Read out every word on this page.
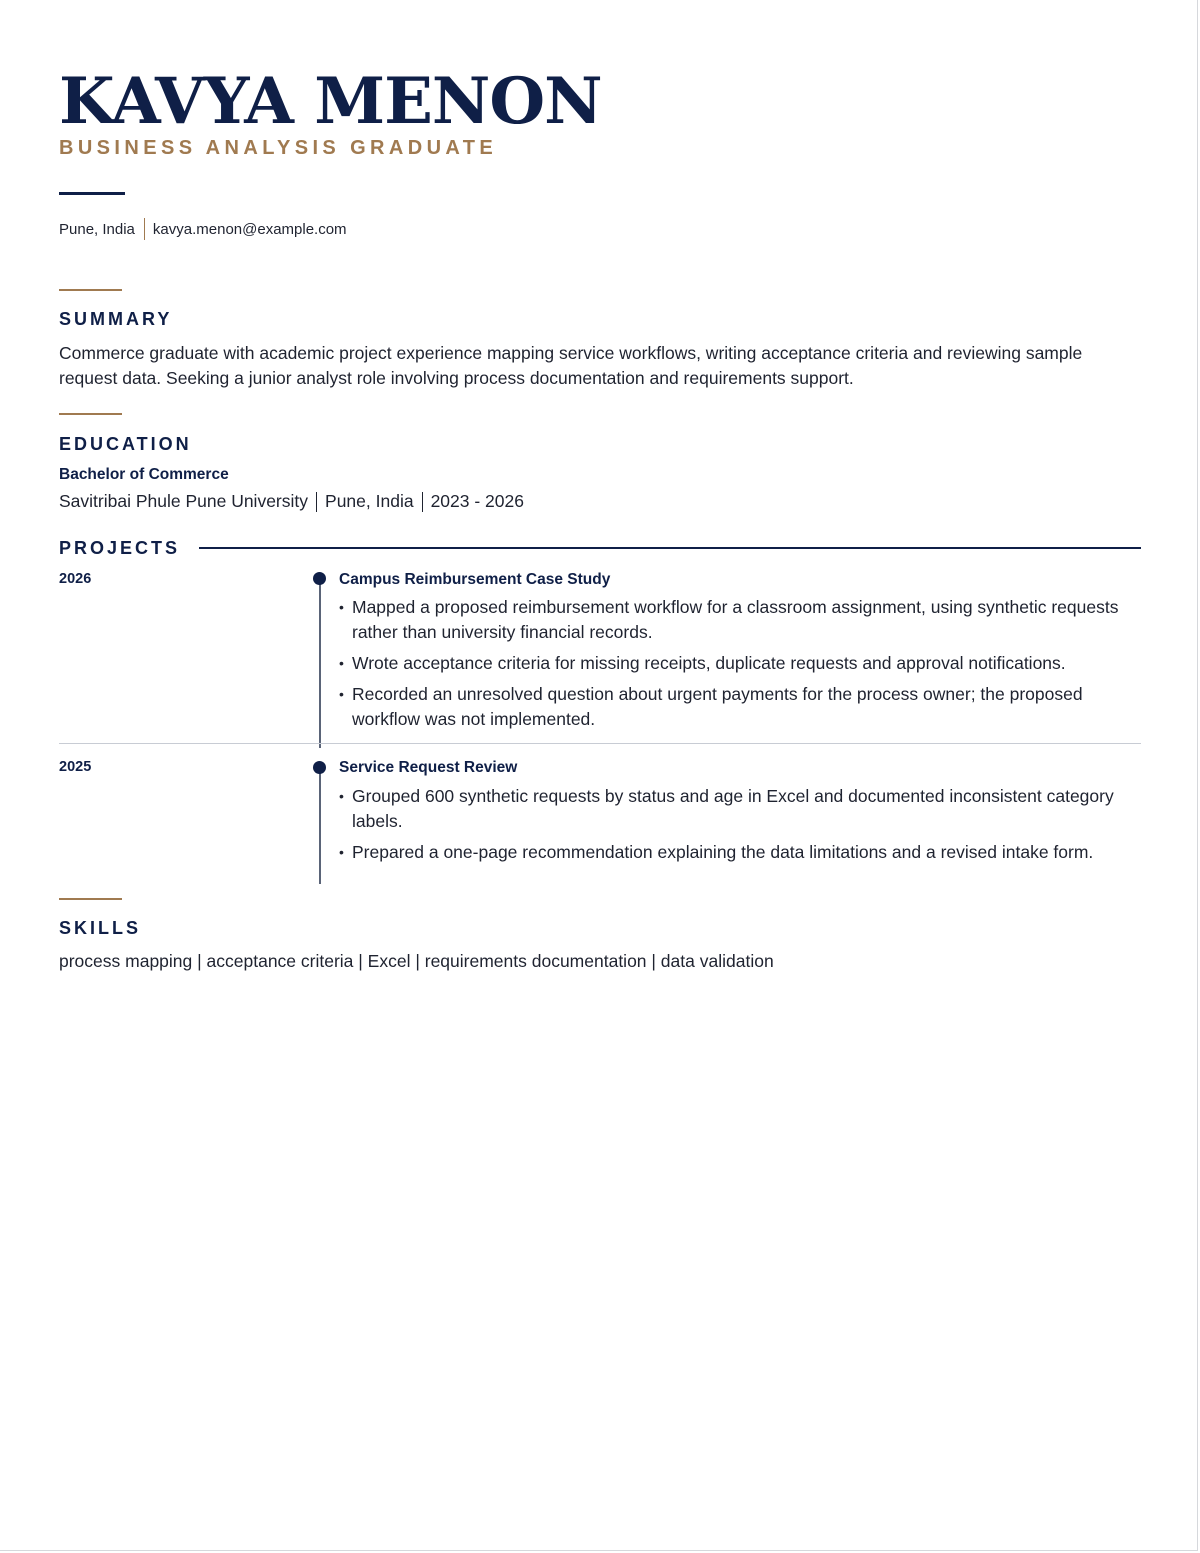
KAVYA MENON
BUSINESS ANALYSIS GRADUATE
Pune, India kavya.menon@example.com
SUMMARY
Commerce graduate with academic project experience mapping service workflows, writing acceptance criteria and reviewing sample request data. Seeking a junior analyst role involving process documentation and requirements support.
EDUCATION
Bachelor of Commerce
Savitribai Phule Pune University Pune, India 2023 - 2026
PROJECTS
2026	Campus Reimbursement Case Study
• Mapped a proposed reimbursement workflow for a classroom assignment, using synthetic requests rather than university financial records.
• Wrote acceptance criteria for missing receipts, duplicate requests and approval notifications.
• Recorded an unresolved question about urgent payments for the process owner; the proposed workflow was not implemented.
2025	Service Request Review
• Grouped 600 synthetic requests by status and age in Excel and documented inconsistent category labels.
• Prepared a one-page recommendation explaining the data limitations and a revised intake form.
SKILLS
process mapping | acceptance criteria | Excel | requirements documentation | data validation
